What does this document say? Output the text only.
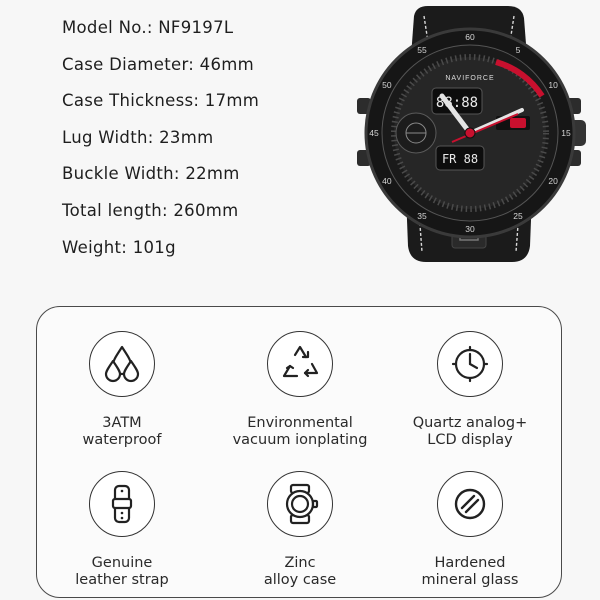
Model No.: NF9197L
Case Diameter: 46mm
Case Thickness: 17mm
Lug Width: 23mm
Buckle Width: 22mm
Total length: 260mm
Weight: 101g
5
10
15
20
25
30
35
40
45
50
55
60
88:88
FR 88
NAVIFORCE
3ATM
waterproof
Environmental
vacuum ionplating
Quartz analog+
LCD display
Genuine
leather strap
Zinc
alloy case
Hardened
mineral glass
